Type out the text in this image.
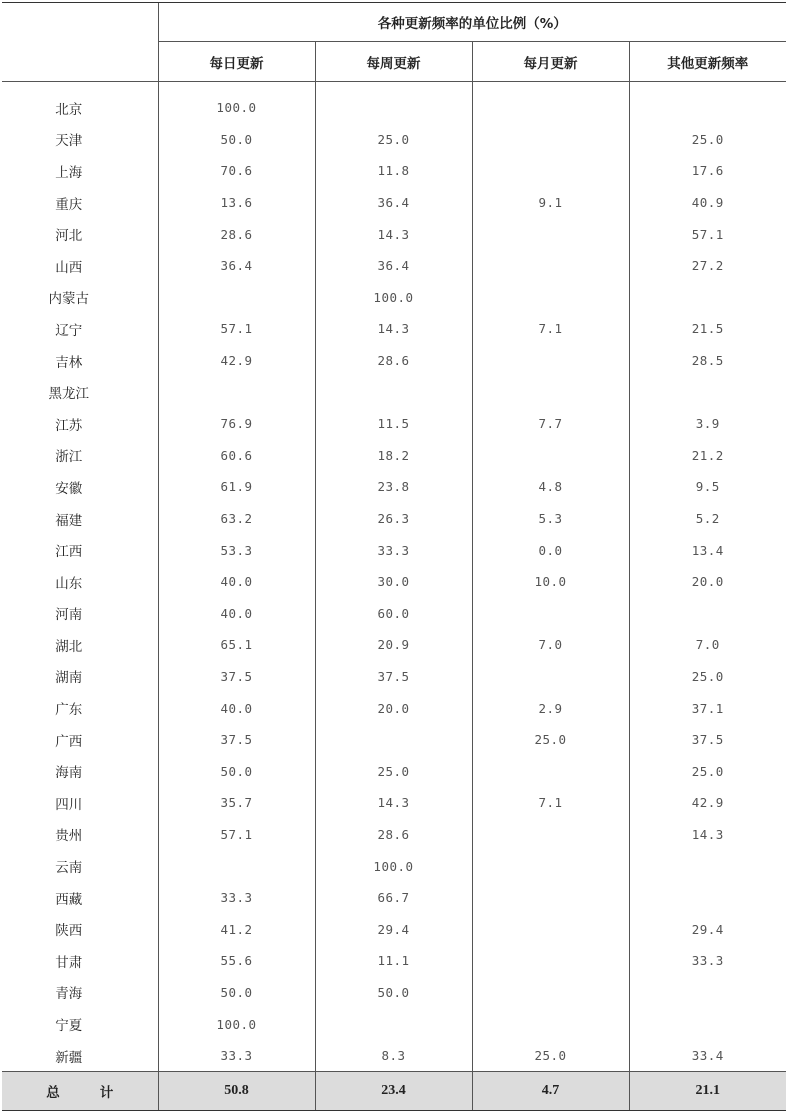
	各种更新频率的单位比例（%）			
	每日更新	每周更新	每月更新	其他更新频率
北京	100.0			
天津	50.0	25.0		25.0
上海	70.6	11.8		17.6
重庆	13.6	36.4	9.1	40.9
河北	28.6	14.3		57.1
山西	36.4	36.4		27.2
内蒙古		100.0		
辽宁	57.1	14.3	7.1	21.5
吉林	42.9	28.6		28.5
黑龙江				
江苏	76.9	11.5	7.7	3.9
浙江	60.6	18.2		21.2
安徽	61.9	23.8	4.8	9.5
福建	63.2	26.3	5.3	5.2
江西	53.3	33.3	0.0	13.4
山东	40.0	30.0	10.0	20.0
河南	40.0	60.0		
湖北	65.1	20.9	7.0	7.0
湖南	37.5	37.5		25.0
广东	40.0	20.0	2.9	37.1
广西	37.5		25.0	37.5
海南	50.0	25.0		25.0
四川	35.7	14.3	7.1	42.9
贵州	57.1	28.6		14.3
云南		100.0		
西藏	33.3	66.7		
陕西	41.2	29.4		29.4
甘肃	55.6	11.1		33.3
青海	50.0	50.0		
宁夏	100.0			
新疆	33.3	8.3	25.0	33.4
总 计	50.8	23.4	4.7	21.1
